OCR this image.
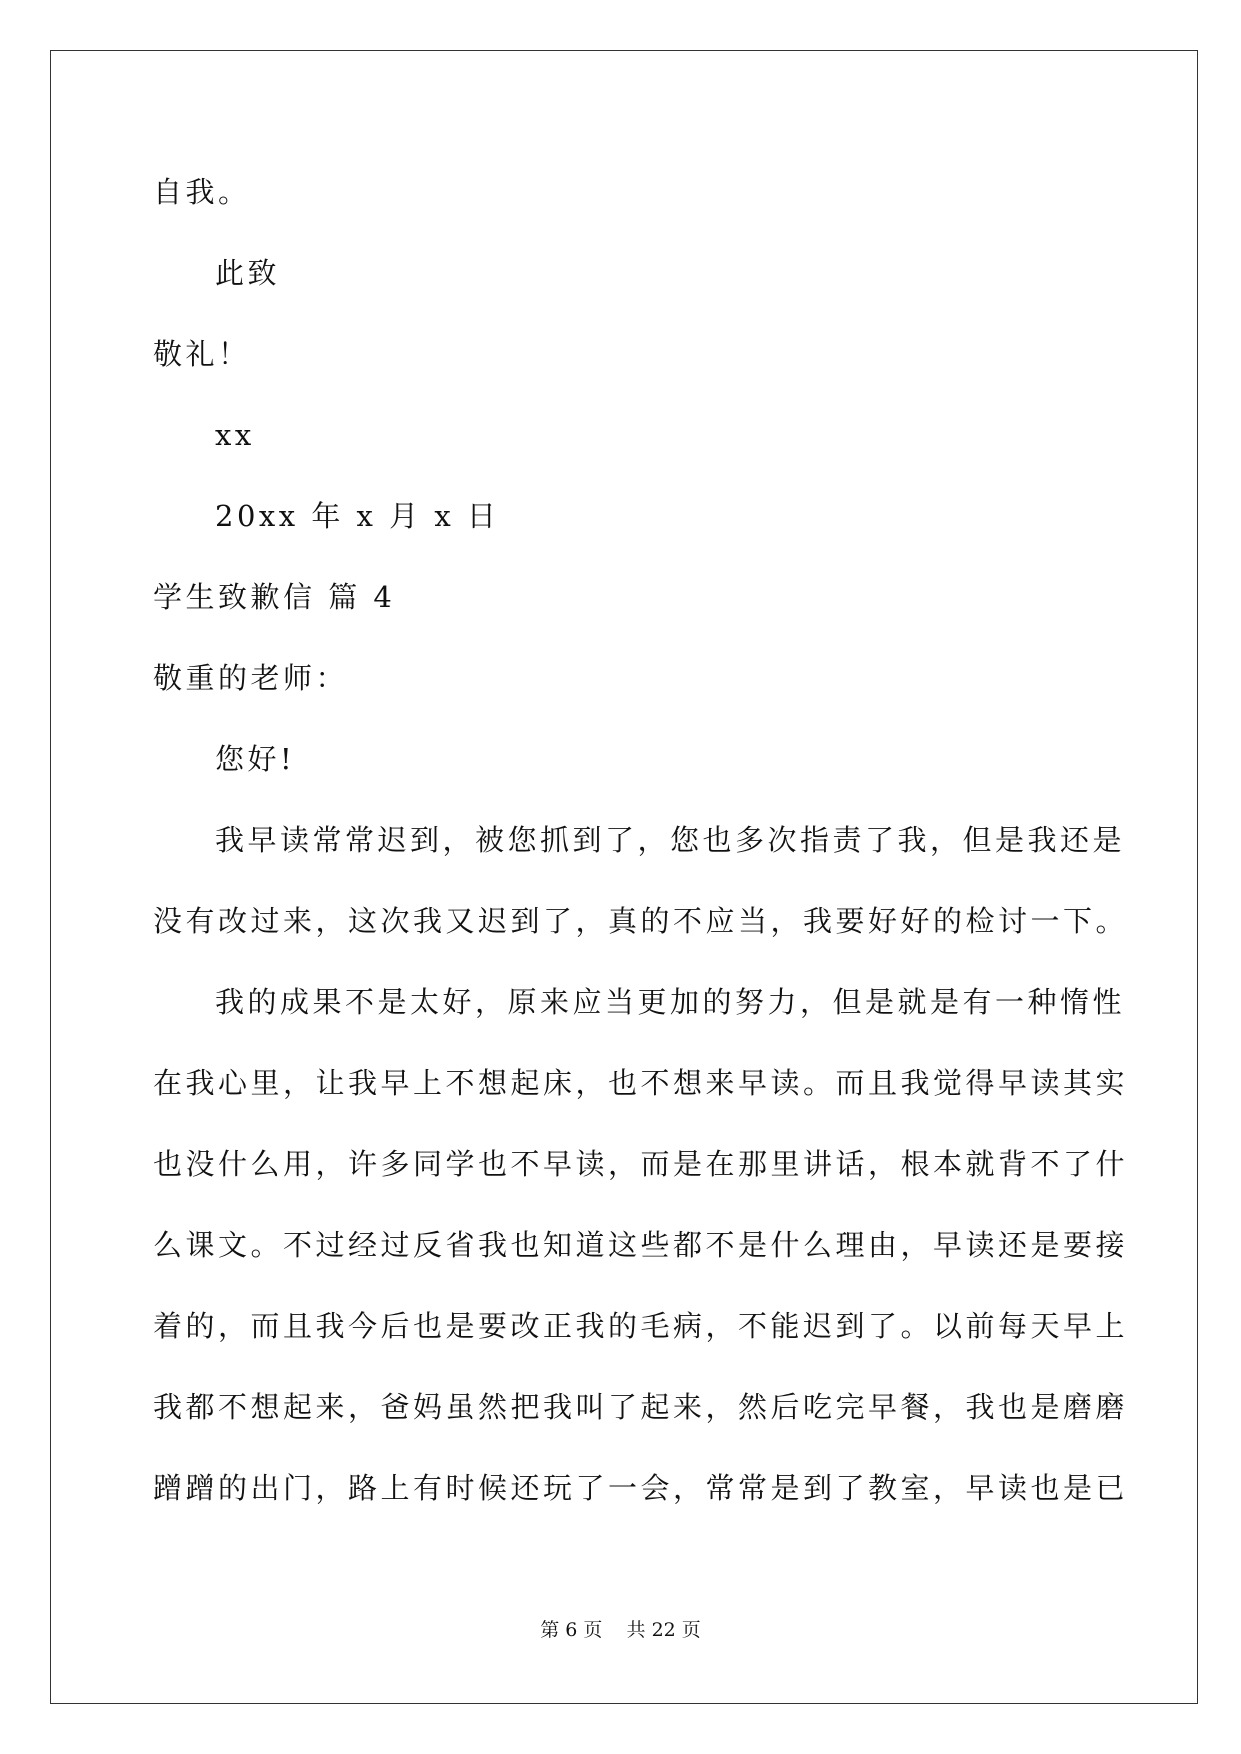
自我。

此致

敬礼！

xx

20xx 年 x 月 x 日

学生致歉信 篇 4

敬重的老师：

您好!

我早读常常迟到，被您抓到了，您也多次指责了我，但是我还是

没有改过来，这次我又迟到了，真的不应当，我要好好的检讨一下。

我的成果不是太好，原来应当更加的努力，但是就是有一种惰性

在我心里，让我早上不想起床，也不想来早读。而且我觉得早读其实

也没什么用，许多同学也不早读，而是在那里讲话，根本就背不了什

么课文。不过经过反省我也知道这些都不是什么理由，早读还是要接

着的，而且我今后也是要改正我的毛病，不能迟到了。以前每天早上

我都不想起来，爸妈虽然把我叫了起来，然后吃完早餐，我也是磨磨

蹭蹭的出门，路上有时候还玩了一会，常常是到了教室，早读也是已

第 6 页 共 22 页
